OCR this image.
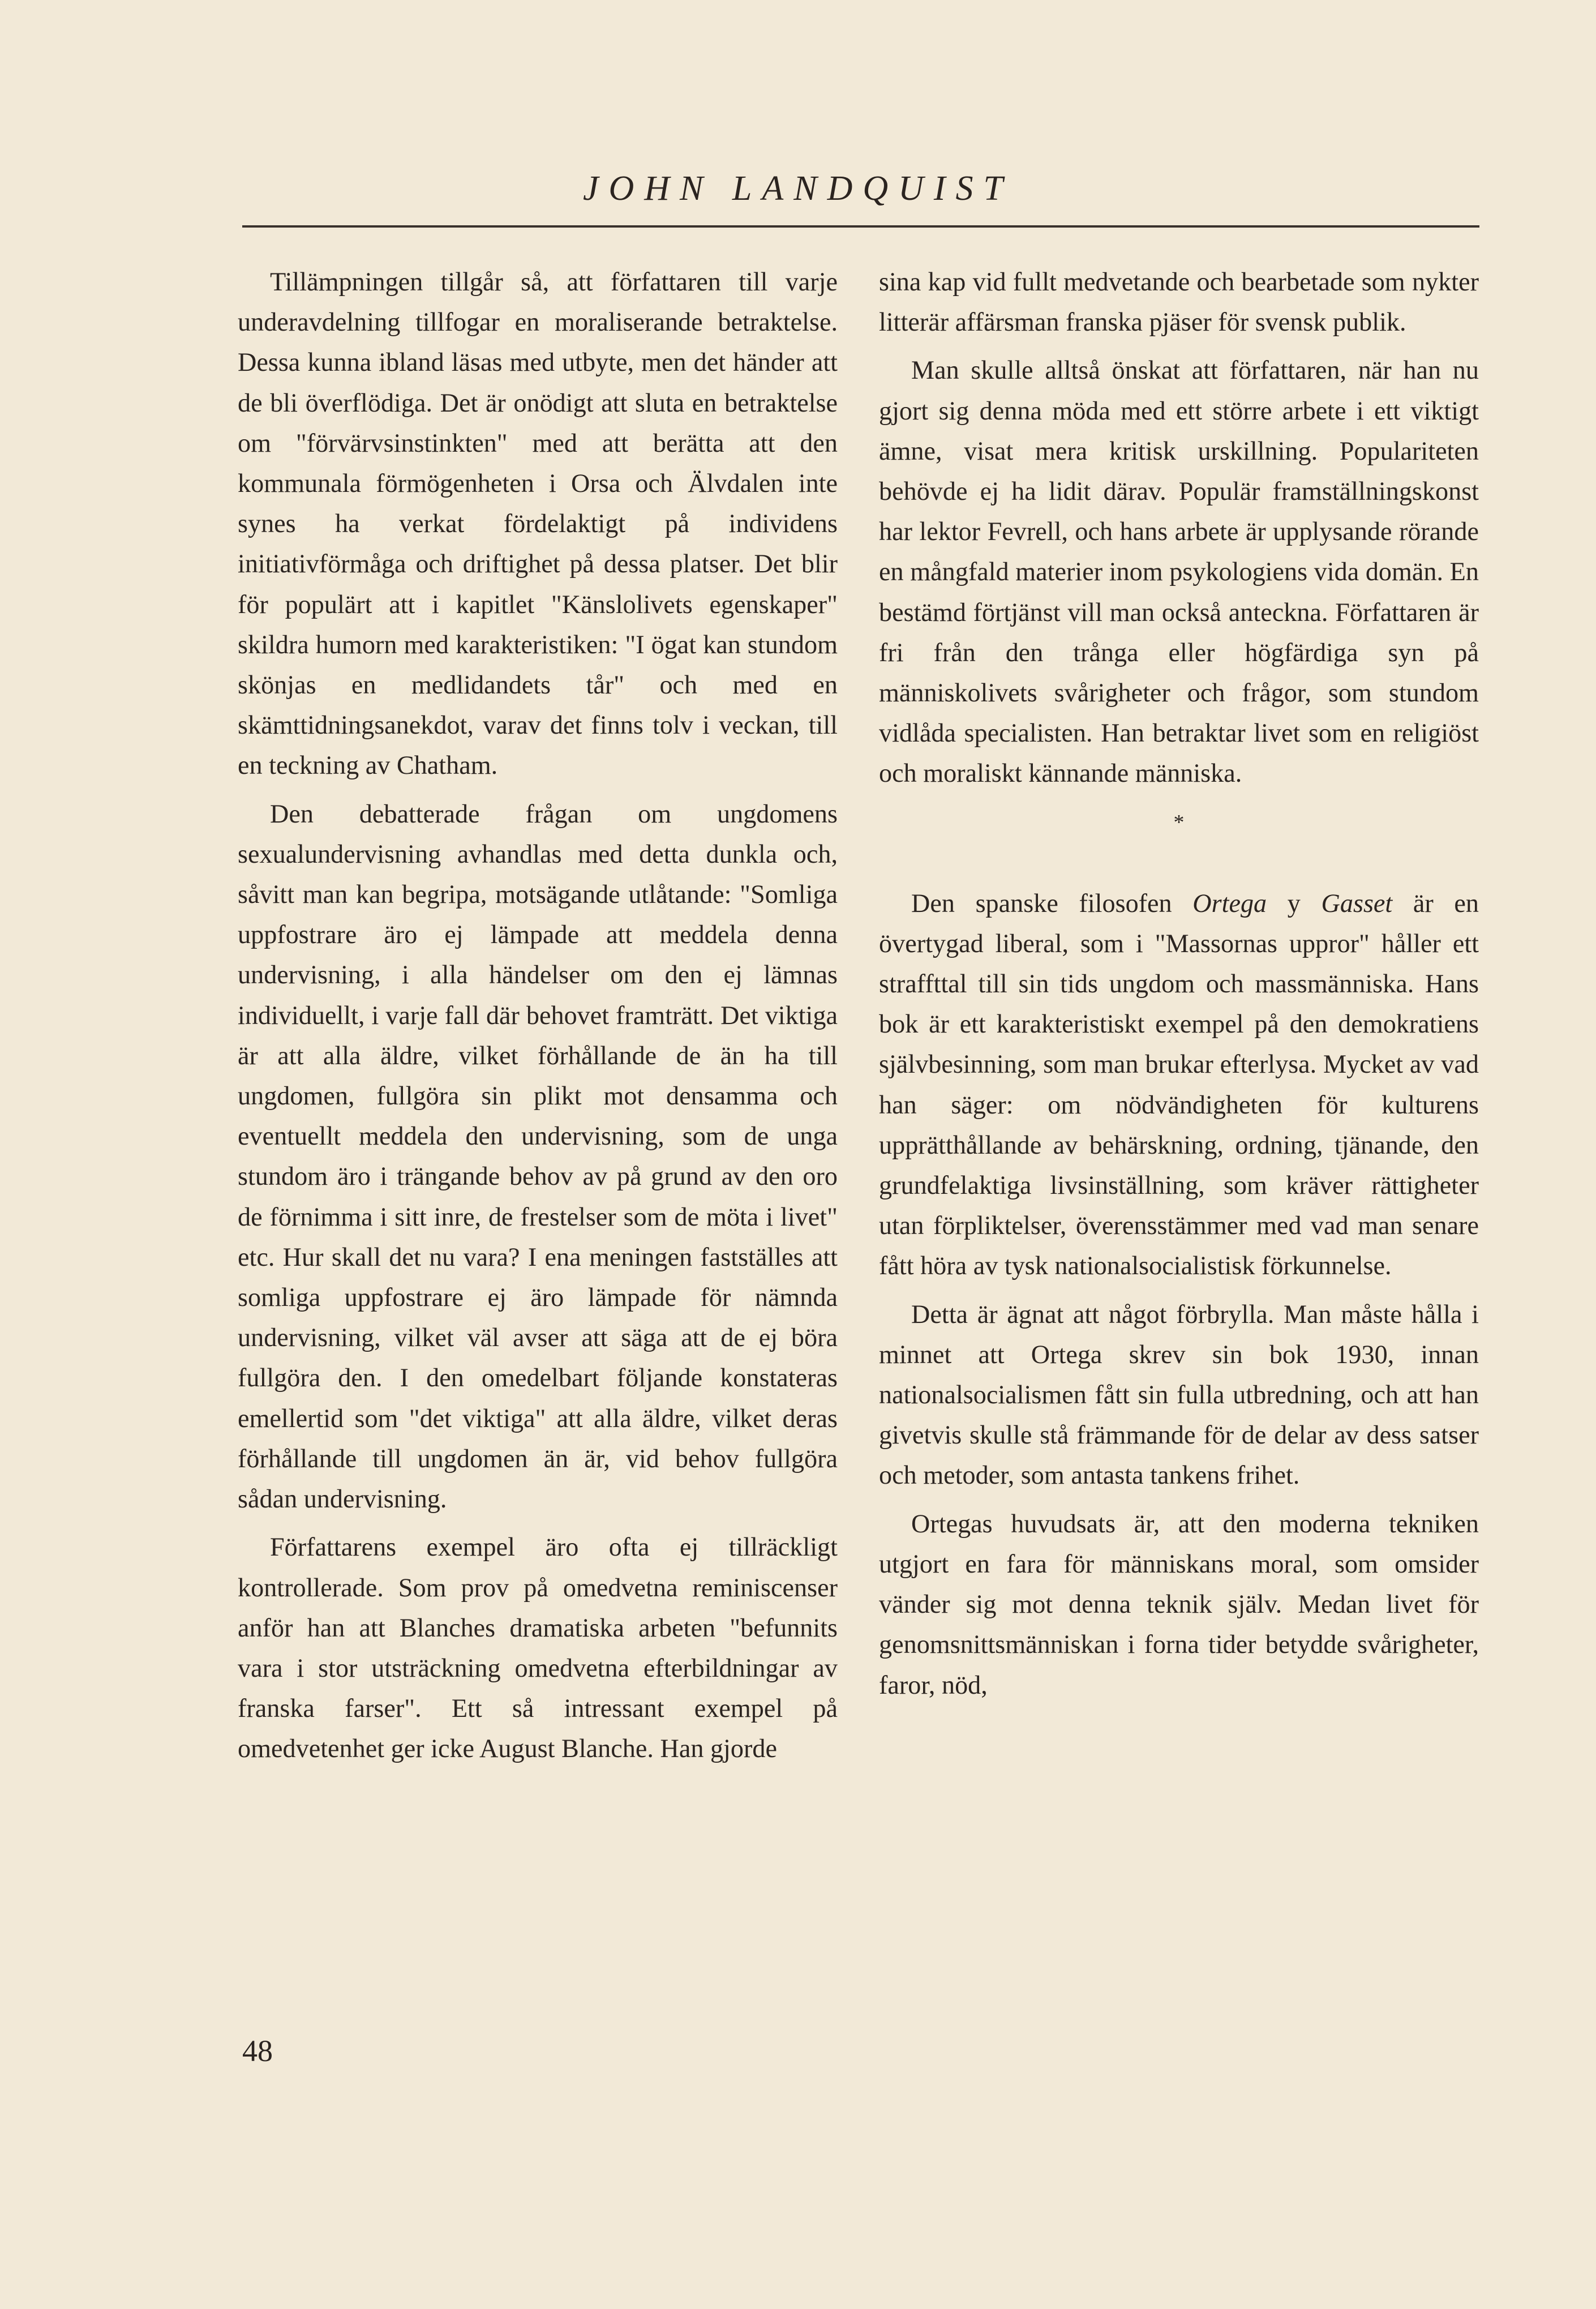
JOHN LANDQUIST

Tillämpningen tillgår så, att författaren till varje underavdelning tillfogar en moraliserande betraktelse. Dessa kunna ibland läsas med utbyte, men det händer att de bli överflödiga. Det är onödigt att sluta en betraktelse om "förvärvsinstinkten" med att berätta att den kommunala förmögenheten i Orsa och Älvdalen inte synes ha verkat fördelaktigt på individens initiativförmåga och driftighet på dessa platser. Det blir för populärt att i kapitlet "Känslolivets egenskaper" skildra humorn med karakteristiken: "I ögat kan stundom skönjas en medlidandets tår" och med en skämttidningsanekdot, varav det finns tolv i veckan, till en teckning av Chatham.

Den debatterade frågan om ungdomens sexualundervisning avhandlas med detta dunkla och, såvitt man kan begripa, motsägande utlåtande: "Somliga uppfostrare äro ej lämpade att meddela denna undervisning, i alla händelser om den ej lämnas individuellt, i varje fall där behovet framträtt. Det viktiga är att alla äldre, vilket förhållande de än ha till ungdomen, fullgöra sin plikt mot densamma och eventuellt meddela den undervisning, som de unga stundom äro i trängande behov av på grund av den oro de förnimma i sitt inre, de frestelser som de möta i livet" etc. Hur skall det nu vara? I ena meningen fastställes att somliga uppfostrare ej äro lämpade för nämnda undervisning, vilket väl avser att säga att de ej böra fullgöra den. I den omedelbart följande konstateras emellertid som "det viktiga" att alla äldre, vilket deras förhållande till ungdomen än är, vid behov fullgöra sådan undervisning.

Författarens exempel äro ofta ej tillräckligt kontrollerade. Som prov på omedvetna reminiscenser anför han att Blanches dramatiska arbeten "befunnits vara i stor utsträckning omedvetna efterbildningar av franska farser". Ett så intressant exempel på omedvetenhet ger icke August Blanche. Han gjorde

sina kap vid fullt medvetande och bearbetade som nykter litterär affärsman franska pjäser för svensk publik.

Man skulle alltså önskat att författaren, när han nu gjort sig denna möda med ett större arbete i ett viktigt ämne, visat mera kritisk urskillning. Populariteten behövde ej ha lidit därav. Populär framställningskonst har lektor Fevrell, och hans arbete är upplysande rörande en mångfald materier inom psykologiens vida domän. En bestämd förtjänst vill man också anteckna. Författaren är fri från den trånga eller högfärdiga syn på människolivets svårigheter och frågor, som stundom vidlåda specialisten. Han betraktar livet som en religiöst och moraliskt kännande människa.

*

Den spanske filosofen Ortega y Gasset är en övertygad liberal, som i "Massornas uppror" håller ett straffttal till sin tids ungdom och massmänniska. Hans bok är ett karakteristiskt exempel på den demokratiens självbesinning, som man brukar efterlysa. Mycket av vad han säger: om nödvändigheten för kulturens upprätthållande av behärskning, ordning, tjänande, den grundfelaktiga livsinställning, som kräver rättigheter utan förpliktelser, överensstämmer med vad man senare fått höra av tysk nationalsocialistisk förkunnelse.

Detta är ägnat att något förbrylla. Man måste hålla i minnet att Ortega skrev sin bok 1930, innan nationalsocialismen fått sin fulla utbredning, och att han givetvis skulle stå främmande för de delar av dess satser och metoder, som antasta tankens frihet.

Ortegas huvudsats är, att den moderna tekniken utgjort en fara för människans moral, som omsider vänder sig mot denna teknik själv. Medan livet för genomsnittsmänniskan i forna tider betydde svårigheter, faror, nöd,

48
